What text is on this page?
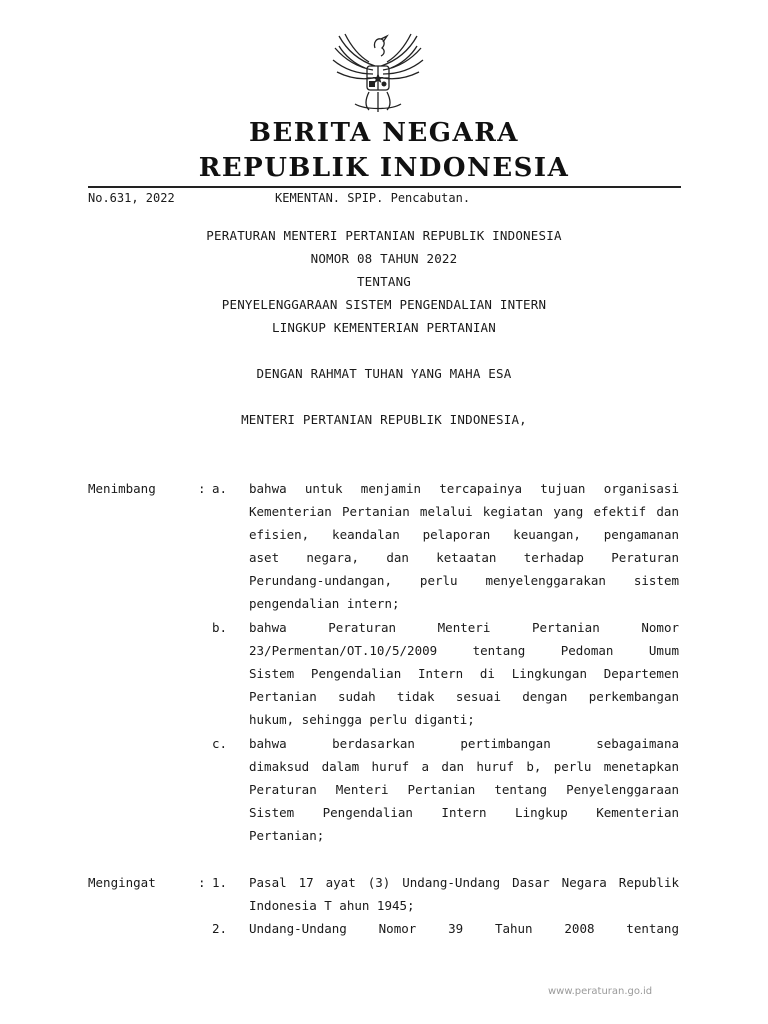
BERITA NEGARA
REPUBLIK INDONESIA
No.631, 2022	KEMENTAN. SPIP. Pencabutan.
PERATURAN MENTERI PERTANIAN REPUBLIK INDONESIA
NOMOR 08 TAHUN 2022
TENTANG
PENYELENGGARAAN SISTEM PENGENDALIAN INTERN
LINGKUP KEMENTERIAN PERTANIAN
DENGAN RAHMAT TUHAN YANG MAHA ESA
MENTERI PERTANIAN REPUBLIK INDONESIA,
Menimbang	: a. bahwa untuk menjamin tercapainya tujuan organisasi
Kementerian Pertanian melalui kegiatan yang efektif dan
efisien, keandalan pelaporan keuangan, pengamanan
aset negara, dan ketaatan terhadap Peraturan
Perundang-undangan, perlu menyelenggarakan sistem
pengendalian intern;
b. bahwa Peraturan Menteri Pertanian Nomor
23/Permentan/OT.10/5/2009 tentang Pedoman Umum
Sistem Pengendalian Intern di Lingkungan Departemen
Pertanian sudah tidak sesuai dengan perkembangan
hukum, sehingga perlu diganti;
c. bahwa berdasarkan pertimbangan sebagaimana
dimaksud dalam huruf a dan huruf b, perlu menetapkan
Peraturan Menteri Pertanian tentang Penyelenggaraan
Sistem Pengendalian Intern Lingkup Kementerian
Pertanian;
Mengingat	: 1. Pasal 17 ayat (3) Undang-Undang Dasar Negara Republik
Indonesia T ahun 1945;
2. Undang-Undang Nomor 39 Tahun 2008 tentang
www.peraturan.go.id
